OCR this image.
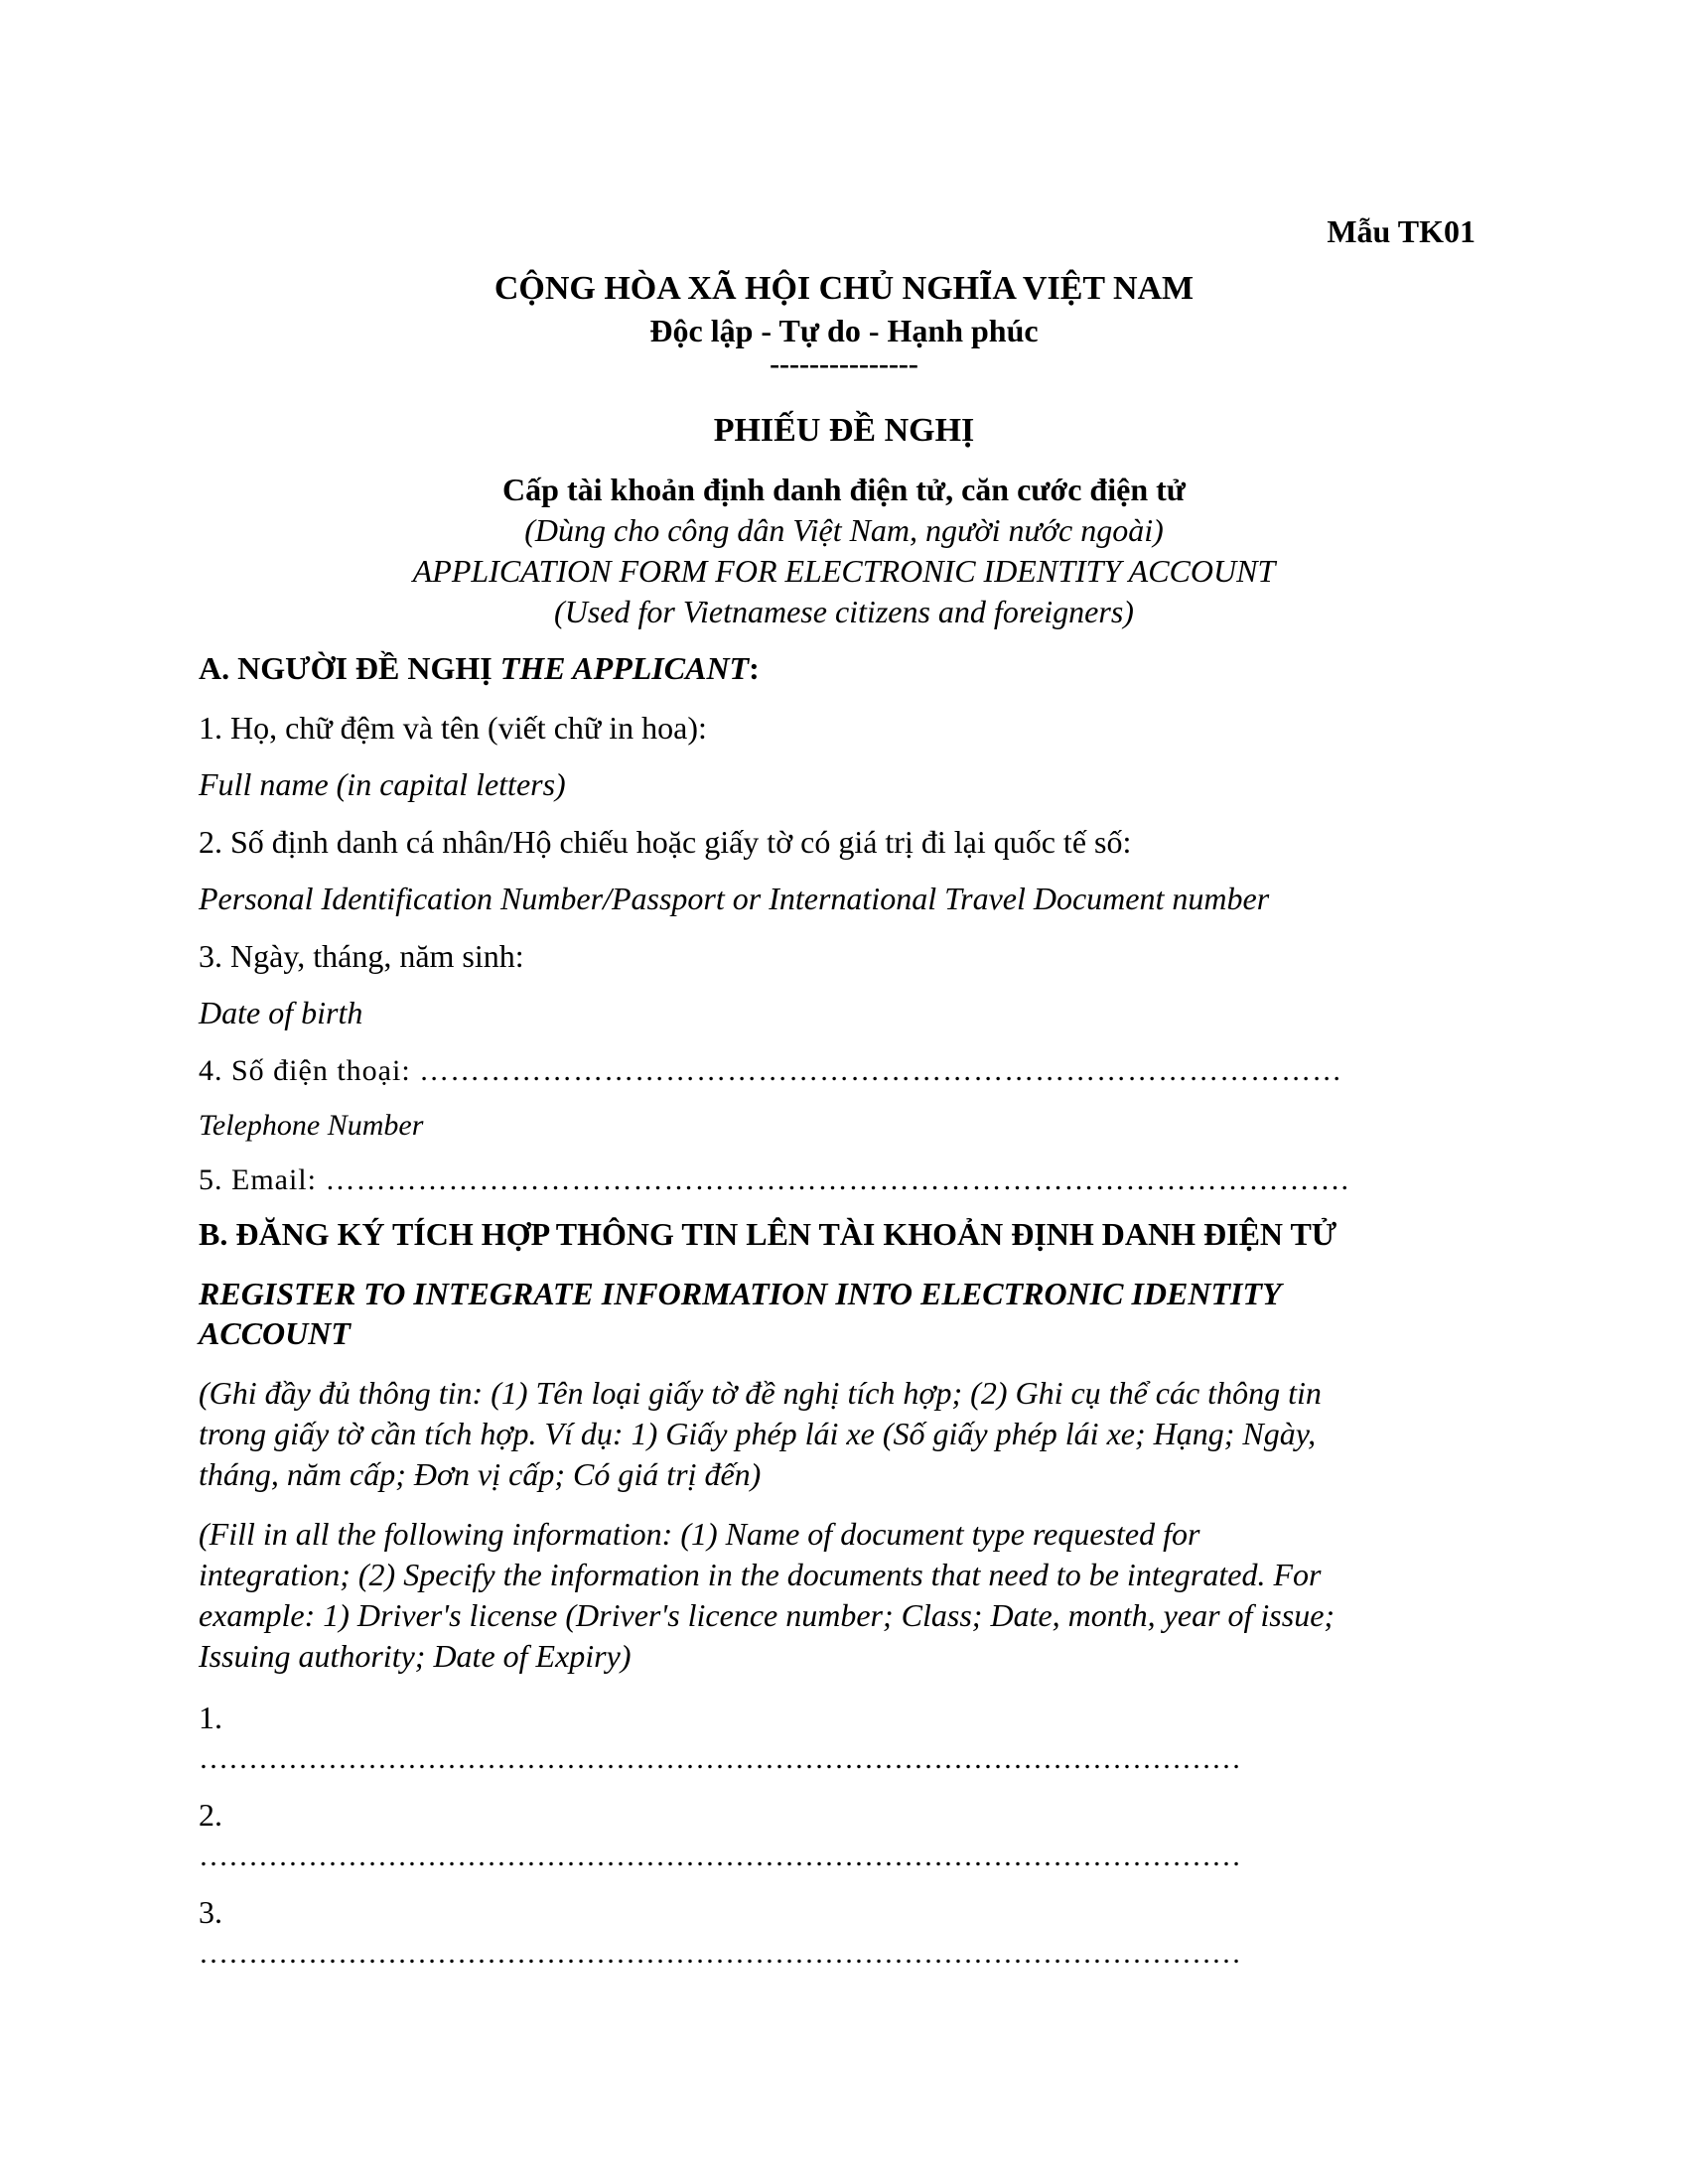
Mẫu TK01
CỘNG HÒA XÃ HỘI CHỦ NGHĨA VIỆT NAM
Độc lập - Tự do - Hạnh phúc
---------------
PHIẾU ĐỀ NGHỊ
Cấp tài khoản định danh điện tử, căn cước điện tử
(Dùng cho công dân Việt Nam, người nước ngoài)
APPLICATION FORM FOR ELECTRONIC IDENTITY ACCOUNT
(Used for Vietnamese citizens and foreigners)
A. NGƯỜI ĐỀ NGHỊ THE APPLICANT:
1. Họ, chữ đệm và tên (viết chữ in hoa):
Full name (in capital letters)
2. Số định danh cá nhân/Hộ chiếu hoặc giấy tờ có giá trị đi lại quốc tế số:
Personal Identification Number/Passport or International Travel Document number
3. Ngày, tháng, năm sinh:
Date of birth
4. Số điện thoại: ………………………………………………………………………………
Telephone Number
5. Email: ……………………………………………………………………………………….
B. ĐĂNG KÝ TÍCH HỢP THÔNG TIN LÊN TÀI KHOẢN ĐỊNH DANH ĐIỆN TỬ
REGISTER TO INTEGRATE INFORMATION INTO ELECTRONIC IDENTITY
ACCOUNT
(Ghi đầy đủ thông tin: (1) Tên loại giấy tờ đề nghị tích hợp; (2) Ghi cụ thể các thông tin
trong giấy tờ cần tích hợp. Ví dụ: 1) Giấy phép lái xe (Số giấy phép lái xe; Hạng; Ngày,
tháng, năm cấp; Đơn vị cấp; Có giá trị đến)
(Fill in all the following information: (1) Name of document type requested for
integration; (2) Specify the information in the documents that need to be integrated. For
example: 1) Driver's license (Driver's licence number; Class; Date, month, year of issue;
Issuing authority; Date of Expiry)
1.
……………………………………………………………………………………………
2.
……………………………………………………………………………………………
3.
……………………………………………………………………………………………
